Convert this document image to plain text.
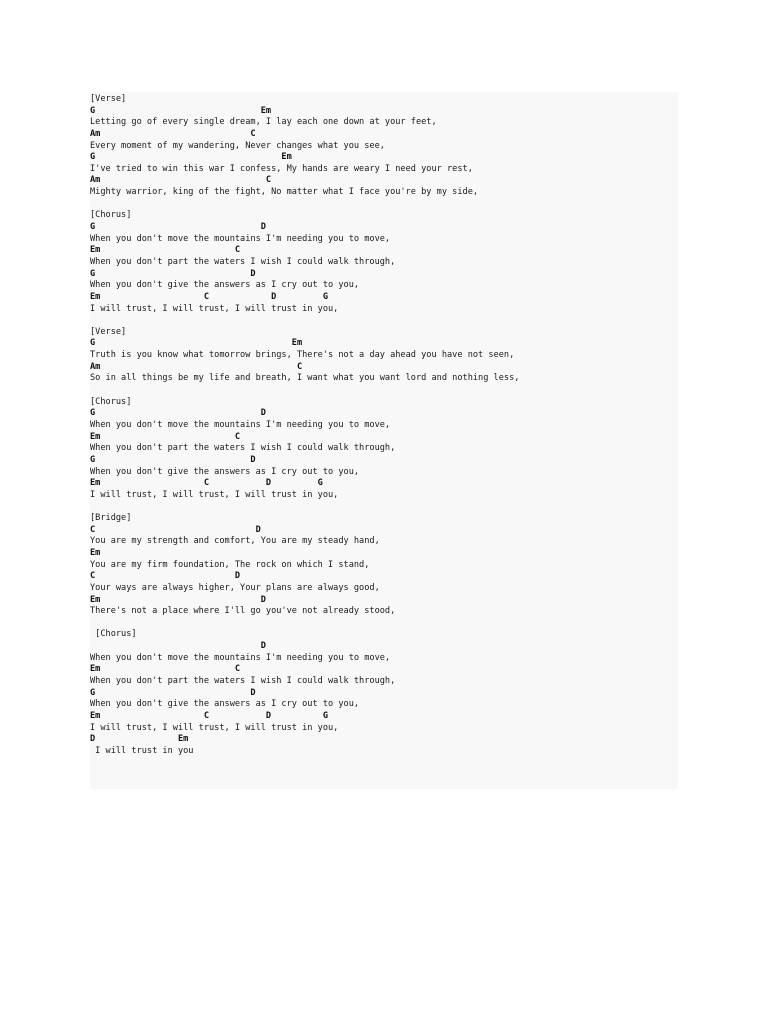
[Verse]
G                                Em
Letting go of every single dream, I lay each one down at your feet,
Am                             C
Every moment of my wandering, Never changes what you see,
G                                    Em
I've tried to win this war I confess, My hands are weary I need your rest,
Am                                C
Mighty warrior, king of the fight, No matter what I face you're by my side,
[Chorus]
G                                D
When you don't move the mountains I'm needing you to move,
Em                          C
When you don't part the waters I wish I could walk through,
G                              D
When you don't give the answers as I cry out to you,
Em                    C            D         G
I will trust, I will trust, I will trust in you,
[Verse]
G                                      Em
Truth is you know what tomorrow brings, There's not a day ahead you have not seen,
Am                                      C
So in all things be my life and breath, I want what you want lord and nothing less,
[Chorus]
G                                D
When you don't move the mountains I'm needing you to move,
Em                          C
When you don't part the waters I wish I could walk through,
G                              D
When you don't give the answers as I cry out to you,
Em                    C           D         G
I will trust, I will trust, I will trust in you,
[Bridge]
C                               D
You are my strength and comfort, You are my steady hand,
Em
You are my firm foundation, The rock on which I stand,
C                           D
Your ways are always higher, Your plans are always good,
Em                               D
There's not a place where I'll go you've not already stood,
[Chorus]
D
When you don't move the mountains I'm needing you to move,
Em                          C
When you don't part the waters I wish I could walk through,
G                              D
When you don't give the answers as I cry out to you,
Em                    C           D          G
I will trust, I will trust, I will trust in you,
D                Em
I will trust in you
